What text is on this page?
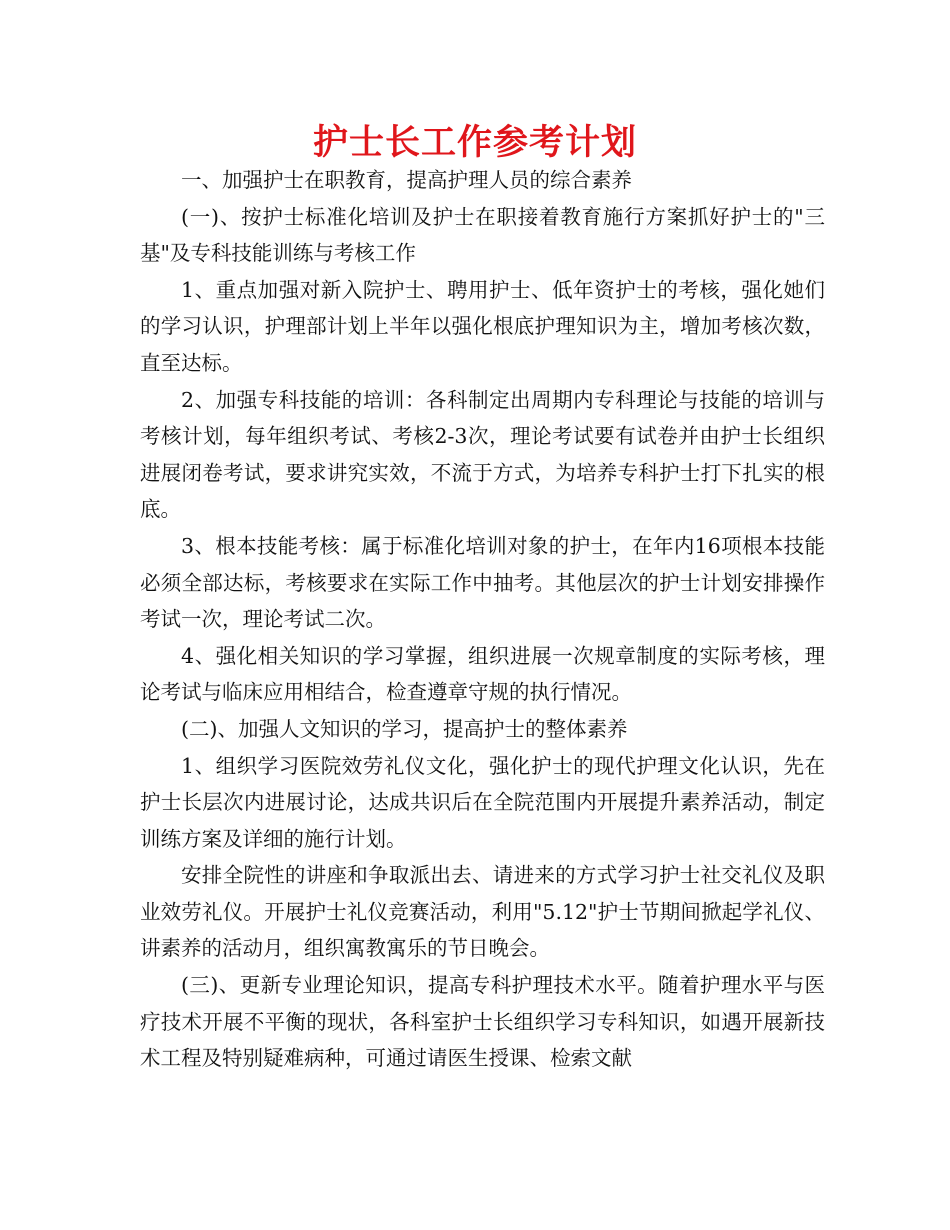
护士长工作参考计划

一、加强护士在职教育，提高护理人员的综合素养

(一)、按护士标准化培训及护士在职接着教育施行方案抓好护士的"三基"及专科技能训练与考核工作

1、重点加强对新入院护士、聘用护士、低年资护士的考核，强化她们的学习认识，护理部计划上半年以强化根底护理知识为主，增加考核次数，直至达标。

2、加强专科技能的培训：各科制定出周期内专科理论与技能的培训与考核计划，每年组织考试、考核2-3次，理论考试要有试卷并由护士长组织进展闭卷考试，要求讲究实效，不流于方式，为培养专科护士打下扎实的根底。

3、根本技能考核：属于标准化培训对象的护士，在年内16项根本技能必须全部达标，考核要求在实际工作中抽考。其他层次的护士计划安排操作考试一次，理论考试二次。

4、强化相关知识的学习掌握，组织进展一次规章制度的实际考核，理论考试与临床应用相结合，检查遵章守规的执行情况。

(二)、加强人文知识的学习，提高护士的整体素养

1、组织学习医院效劳礼仪文化，强化护士的现代护理文化认识，先在护士长层次内进展讨论，达成共识后在全院范围内开展提升素养活动，制定训练方案及详细的施行计划。

安排全院性的讲座和争取派出去、请进来的方式学习护士社交礼仪及职业效劳礼仪。开展护士礼仪竞赛活动，利用"5.12"护士节期间掀起学礼仪、讲素养的活动月，组织寓教寓乐的节日晚会。

(三)、更新专业理论知识，提高专科护理技术水平。随着护理水平与医疗技术开展不平衡的现状，各科室护士长组织学习专科知识，如遇开展新技术工程及特别疑难病种，可通过请医生授课、检索文献
